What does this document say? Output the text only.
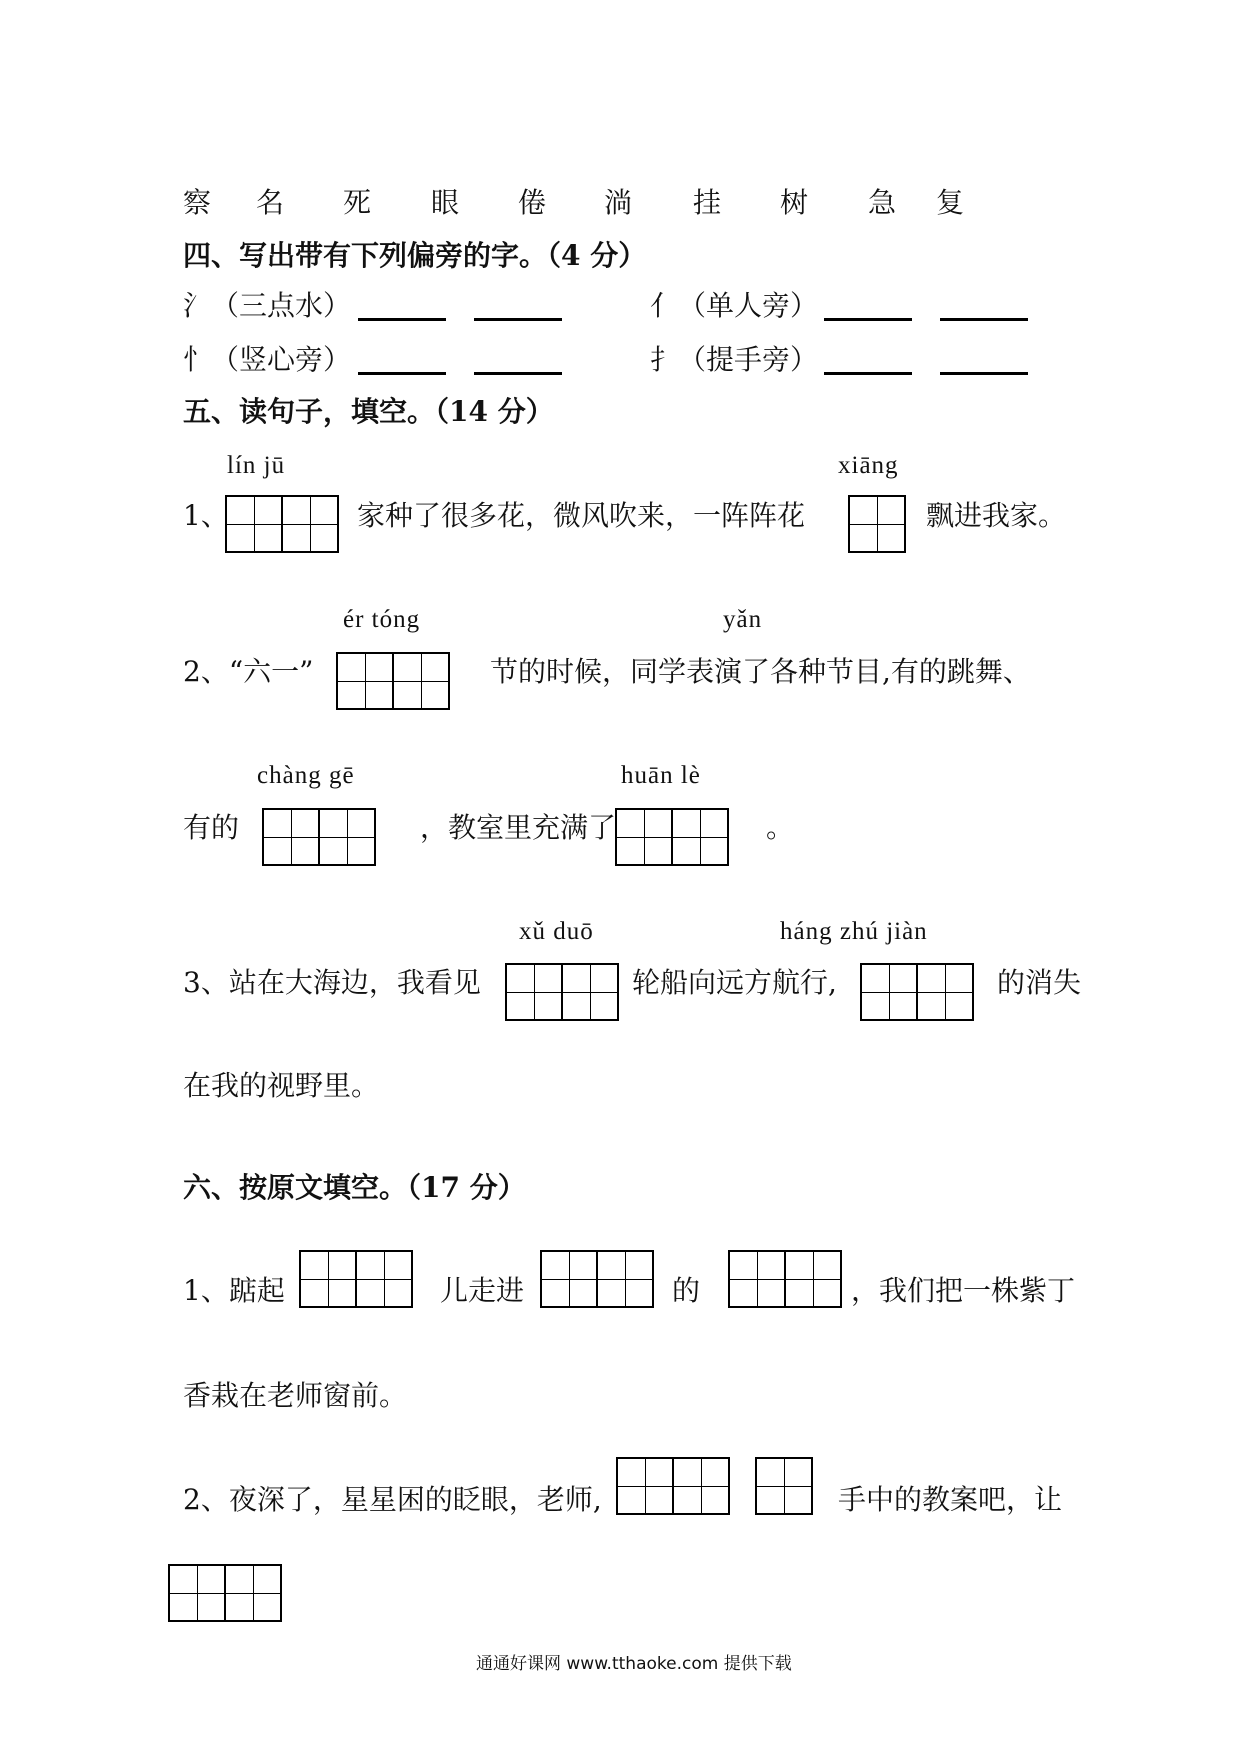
察 名 死 眼 倦 淌 挂 树 急 复
四、写出带有下列偏旁的字。（4 分）
氵（三点水）	亻（单人旁）
忄（竖心旁）	扌（提手旁）
五、读句子，填空。（14 分）
lín jū	xiāng
1、	家种了很多花，微风吹来，一阵阵花	飘进我家。
ér tóng	yǎn
2、“六一”	节的时候，同学表演了各种节目,有的跳舞、
chàng gē	huān lè
有的	，教室里充满了	。
xǔ duō	háng zhú jiàn
3、站在大海边，我看见	轮船向远方航行,	的消失
在我的视野里。
六、按原文填空。（17 分）
1、踮起	儿走进	的	，我们把一株紫丁
香栽在老师窗前。
2、夜深了，星星困的眨眼，老师,	手中的教案吧，让
通通好课网 www.tthaoke.com 提供下载
